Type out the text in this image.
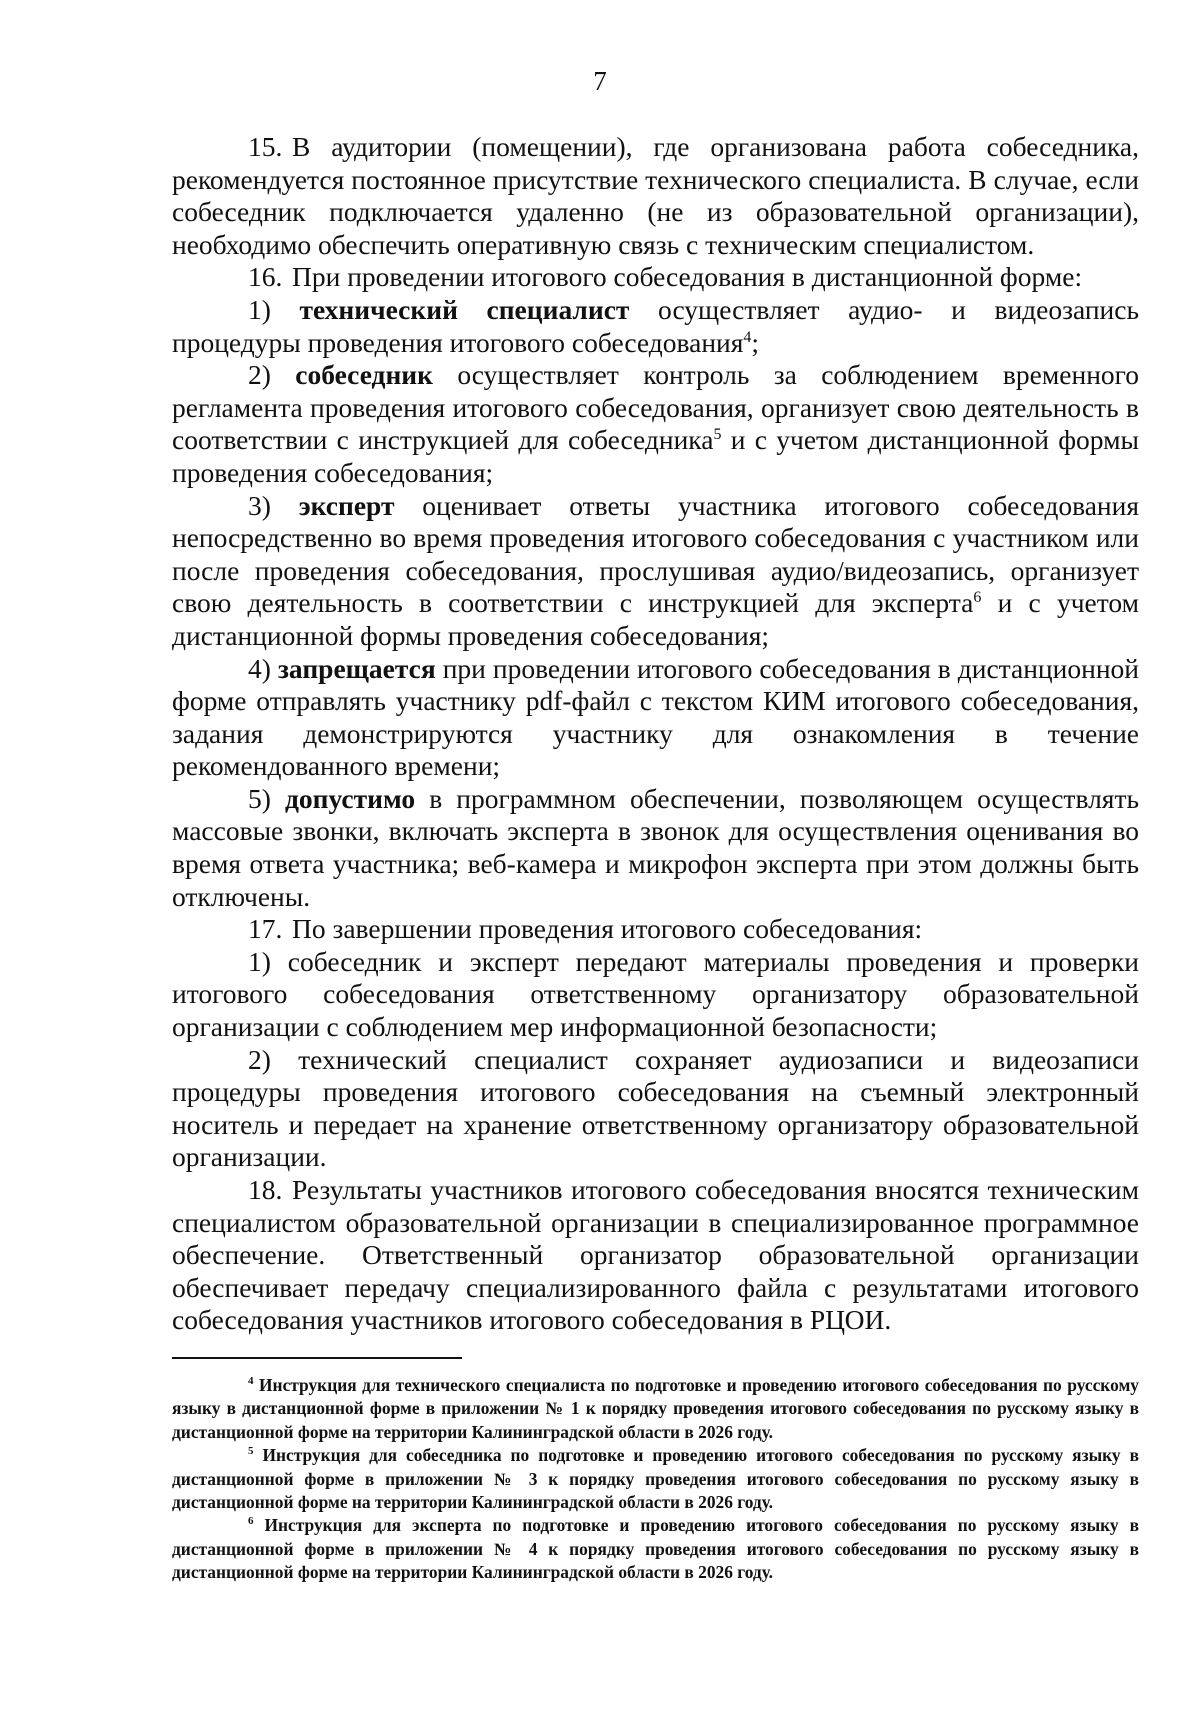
7

15. В аудитории (помещении), где организована работа собеседника, рекомендуется постоянное присутствие технического специалиста. В случае, если собеседник подключается удаленно (не из образовательной организации), необходимо обеспечить оперативную связь с техническим специалистом.

16. При проведении итогового собеседования в дистанционной форме:

1) технический специалист осуществляет аудио- и видеозапись процедуры проведения итогового собеседования$^4$;

2) собеседник осуществляет контроль за соблюдением временного регламента проведения итогового собеседования, организует свою деятельность в соответствии с инструкцией для собеседника$^5$ и с учетом дистанционной формы проведения собеседования;

3) эксперт оценивает ответы участника итогового собеседования непосредственно во время проведения итогового собеседования с участником или после проведения собеседования, прослушивая аудио/видеозапись, организует свою деятельность в соответствии с инструкцией для эксперта$^6$ и с учетом дистанционной формы проведения собеседования;

4) запрещается при проведении итогового собеседования в дистанционной форме отправлять участнику pdf-файл с текстом КИМ итогового собеседования, задания демонстрируются участнику для ознакомления в течение рекомендованного времени;

5) допустимо в программном обеспечении, позволяющем осуществлять массовые звонки, включать эксперта в звонок для осуществления оценивания во время ответа участника; веб-камера и микрофон эксперта при этом должны быть отключены.

17. По завершении проведения итогового собеседования:

1) собеседник и эксперт передают материалы проведения и проверки итогового собеседования ответственному организатору образовательной организации с соблюдением мер информационной безопасности;

2) технический специалист сохраняет аудиозаписи и видеозаписи процедуры проведения итогового собеседования на съемный электронный носитель и передает на хранение ответственному организатору образовательной организации.

18. Результаты участников итогового собеседования вносятся техническим специалистом образовательной организации в специализированное программное обеспечение. Ответственный организатор образовательной организации обеспечивает передачу специализированного файла с результатами итогового собеседования участников итогового собеседования в РЦОИ.

$^4$ Инструкция для технического специалиста по подготовке и проведению итогового собеседования по русскому языку в дистанционной форме в приложении № 1 к порядку проведения итогового собеседования по русскому языку в дистанционной форме на территории Калининградской области в 2026 году.

$^5$ Инструкция для собеседника по подготовке и проведению итогового собеседования по русскому языку в дистанционной форме в приложении № 3 к порядку проведения итогового собеседования по русскому языку в дистанционной форме на территории Калининградской области в 2026 году.

$^6$ Инструкция для эксперта по подготовке и проведению итогового собеседования по русскому языку в дистанционной форме в приложении № 4 к порядку проведения итогового собеседования по русскому языку в дистанционной форме на территории Калининградской области в 2026 году.
